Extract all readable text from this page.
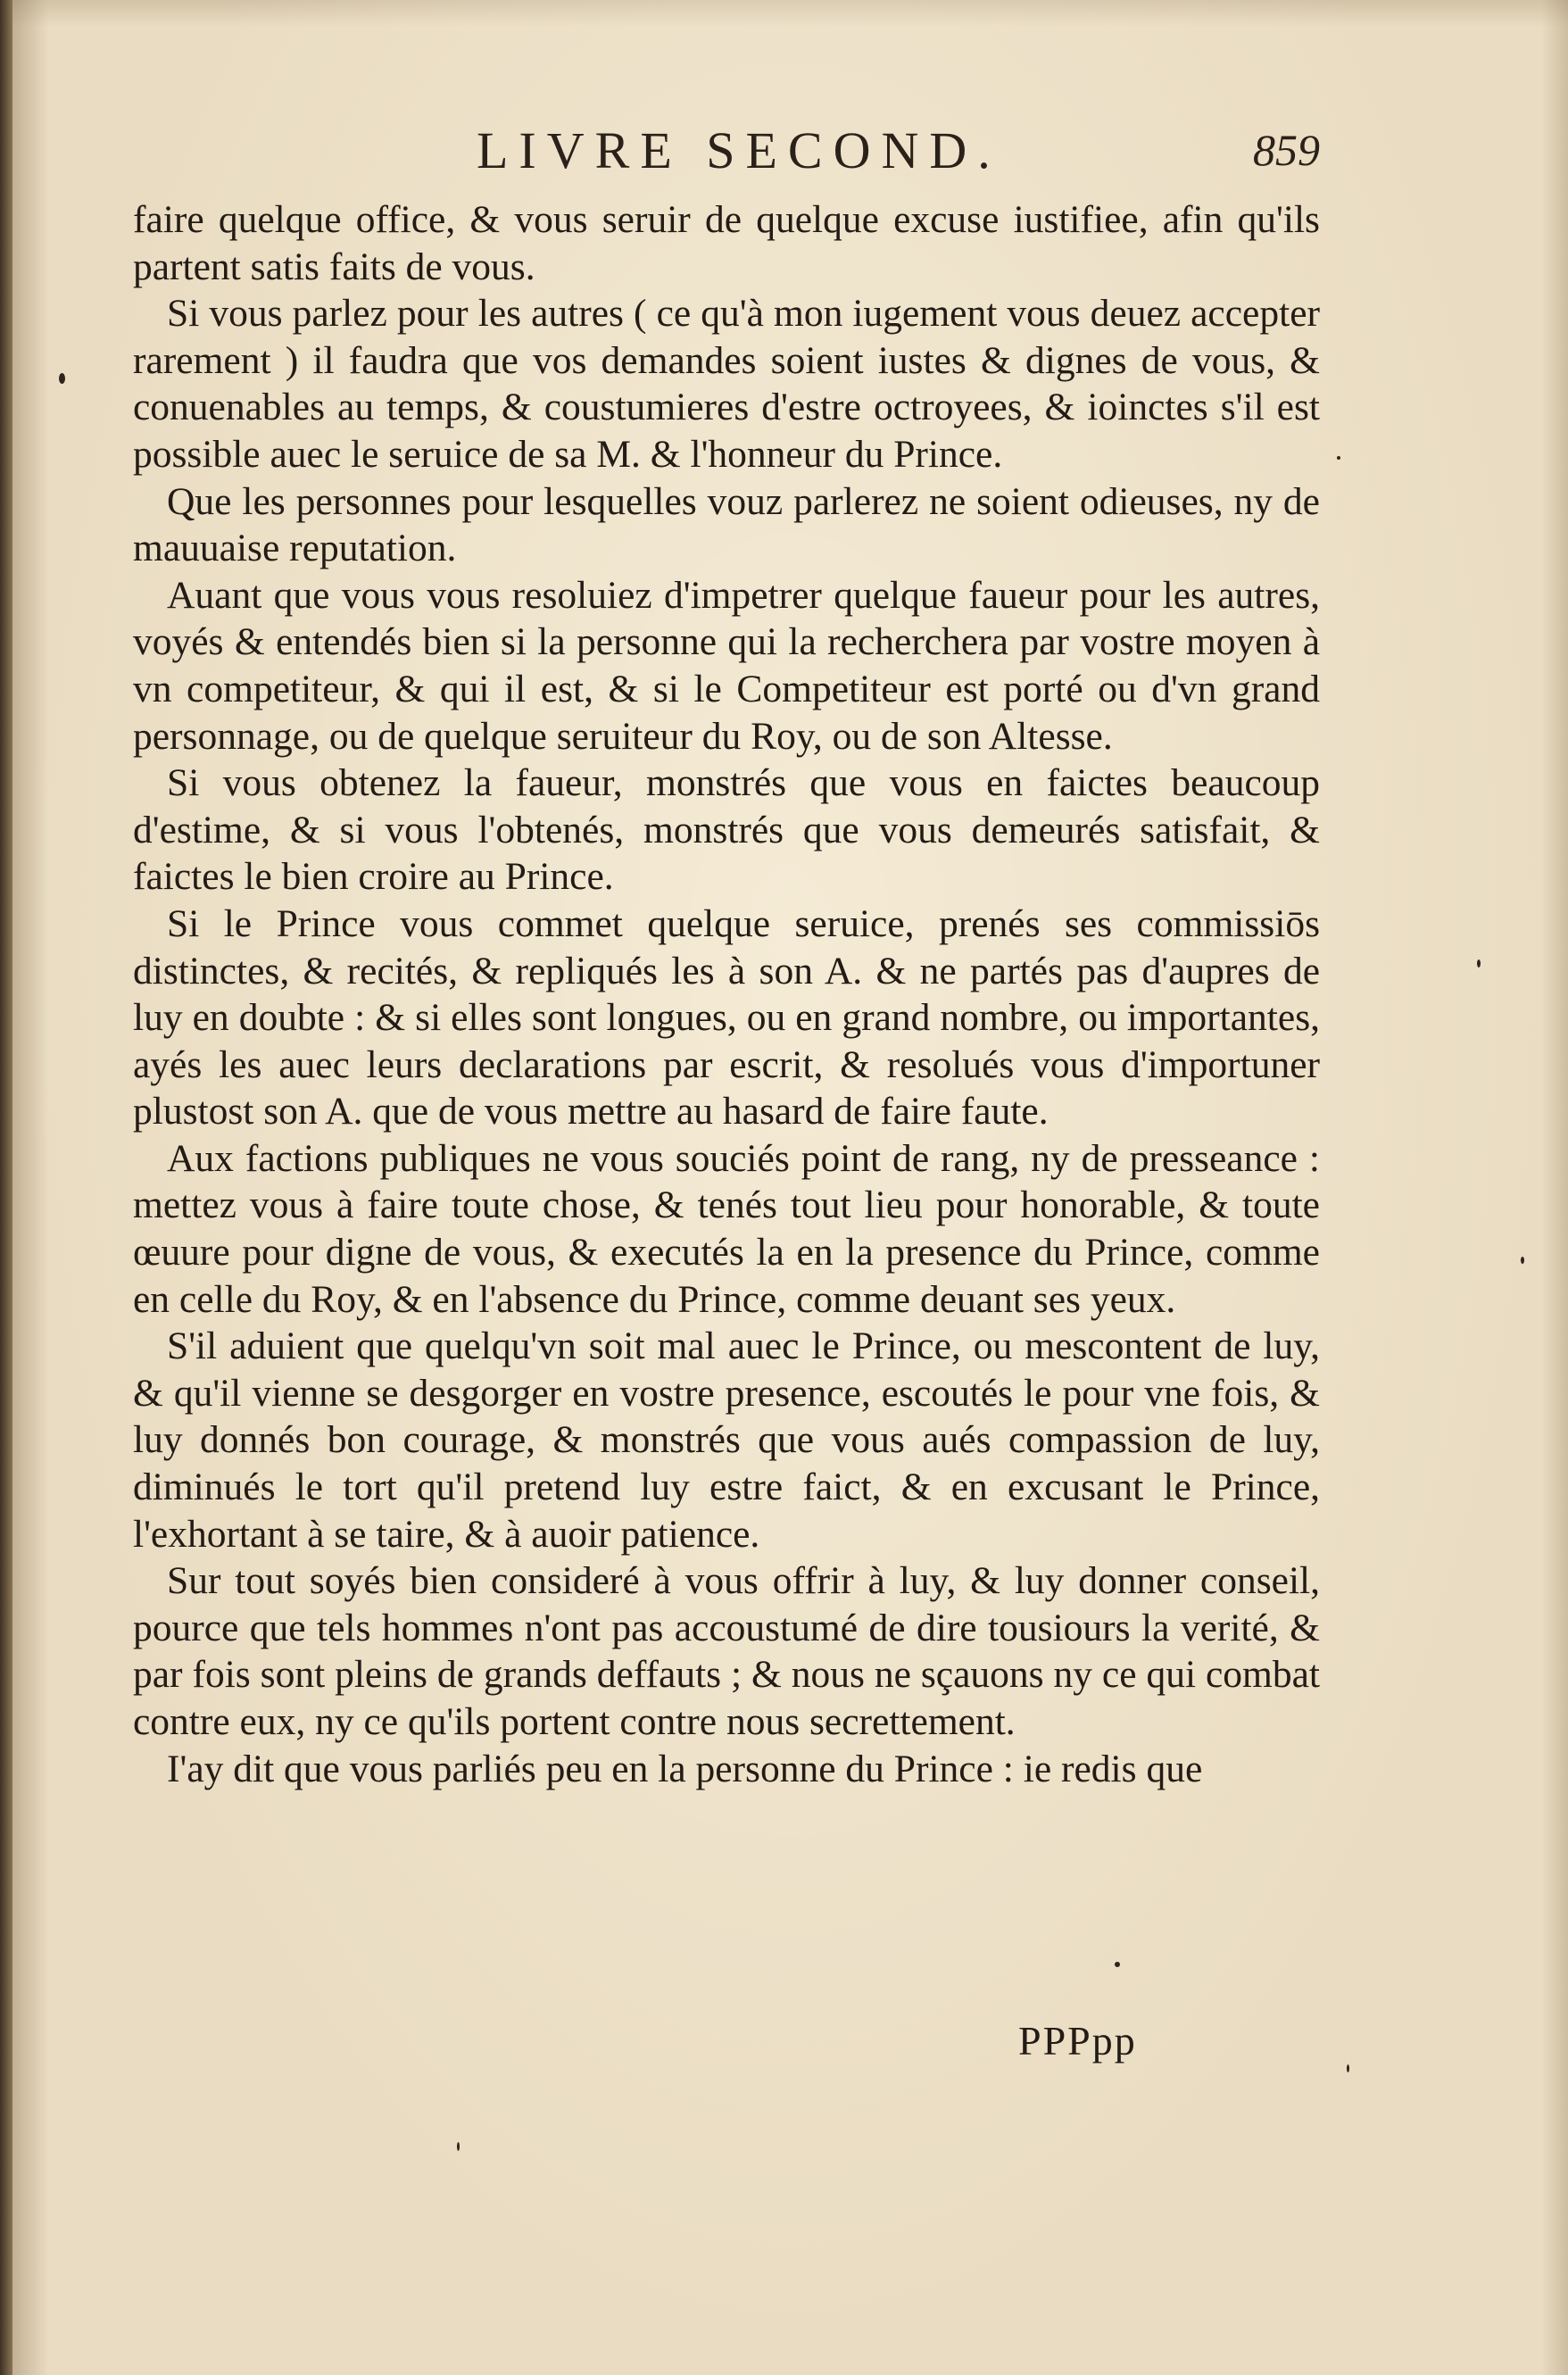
LIVRE SECOND.	859

faire quelque office, & vous seruir de quelque excuse iustifiee, afin qu'ils partent satis faits de vous.

Si vous parlez pour les autres ( ce qu'à mon iugement vous deuez accepter rarement ) il faudra que vos demandes soient iustes & dignes de vous, & conuenables au temps, & coustumieres d'estre octroyees, & ioinctes s'il est possible auec le seruice de sa M. & l'honneur du Prince.

Que les personnes pour lesquelles vouz parlerez ne soient odieuses, ny de mauuaise reputation.

Auant que vous vous resoluiez d'impetrer quelque faueur pour les autres, voyés & entendés bien si la personne qui la recherchera par vostre moyen à vn competiteur, & qui il est, & si le Competiteur est porté ou d'vn grand personnage, ou de quelque seruiteur du Roy, ou de son Altesse.

Si vous obtenez la faueur, monstrés que vous en faictes beaucoup d'estime, & si vous l'obtenés, monstrés que vous demeurés satisfait, & faictes le bien croire au Prince.

Si le Prince vous commet quelque seruice, prenés ses commissiōs distinctes, & recités, & repliqués les à son A. & ne partés pas d'aupres de luy en doubte : & si elles sont longues, ou en grand nombre, ou importantes, ayés les auec leurs declarations par escrit, & resolués vous d'importuner plustost son A. que de vous mettre au hasard de faire faute.

Aux factions publiques ne vous souciés point de rang, ny de presseance : mettez vous à faire toute chose, & tenés tout lieu pour honorable, & toute œuure pour digne de vous, & executés la en la presence du Prince, comme en celle du Roy, & en l'absence du Prince, comme deuant ses yeux.

S'il aduient que quelqu'vn soit mal auec le Prince, ou mescontent de luy, & qu'il vienne se desgorger en vostre presence, escoutés le pour vne fois, & luy donnés bon courage, & monstrés que vous aués compassion de luy, diminués le tort qu'il pretend luy estre faict, & en excusant le Prince, l'exhortant à se taire, & à auoir patience.

Sur tout soyés bien consideré à vous offrir à luy, & luy donner conseil, pource que tels hommes n'ont pas accoustumé de dire tousiours la verité, & par fois sont pleins de grands deffauts ; & nous ne sçauons ny ce qui combat contre eux, ny ce qu'ils portent contre nous secrettement.

I'ay dit que vous parliés peu en la personne du Prince : ie redis que

PPPpp
